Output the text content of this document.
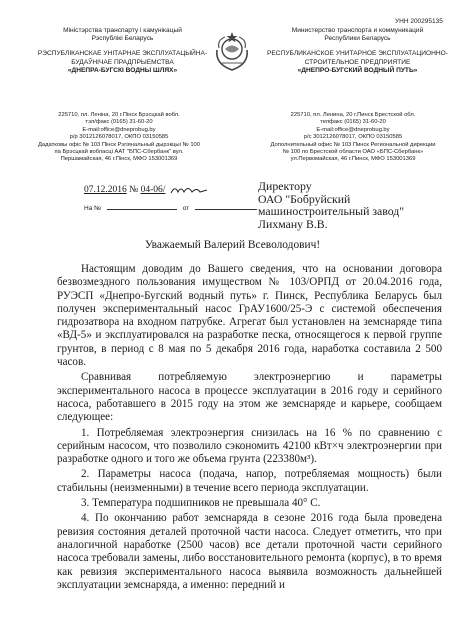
УНН 200295135
Міністэрства транспарту і камунікацый
Рэспублікі Беларусь
РЭСПУБЛІКАНСКАЕ УНІТАРНАЕ ЭКСПЛУАТАЦЫЙНА-БУДАЎНІЧАЕ ПРАДПРЫЕМСТВА
«ДНЕПРА-БУГСКІ ВОДНЫ ШЛЯХ»
Министерство транспорта и коммуникаций
Республики Беларусь
РЕСПУБЛИКАНСКОЕ УНИТАРНОЕ ЭКСПЛУАТАЦИОННО-СТРОИТЕЛЬНОЕ ПРЕДПРИЯТИЕ
«ДНЕПРО-БУГСКИЙ ВОДНЫЙ ПУТЬ»
225710, пл. Леніна, 20 г.Пінск Брэсцкай вобл.
тэл/факс (0165) 31-60-20
E-mail:office@dneprobug.by
р/р 3012126078017, ОКПО 03150585
Дадатковы офіс № 103 Пінск Рэгіянальный дырэкцыі № 100
па Брэсцкай вобласці ААТ "БПС-Сбербанк" вул.
Першамайская, 46 г.Пінск, МФО 153001369
225710, пл. Ленина, 20 г.Пинск Брестской обл.
телфакс (0165) 31-60-20
E-mail:office@dneprobug.by
р/с 3012126078017, ОКПО 03150585
Дополнительный офис № 103 Пинск Региональной дирекции
№ 100 по Брестской области ОАО «БПС-Сбербанк»
ул.Первомайская, 46 г.Пинск, МФО 153001369
07.12.2016 № 04-06/
На №	от
Директору
ОАО "Бобруйский
машиностроительный завод"
Лихману В.В.
Уважаемый Валерий Всеволодович!

Настоящим доводим до Вашего сведения, что на основании договора безвозмездного пользования имуществом № 103/ОРПД от 20.04.2016 года, РУЭСП «Днепро-Бугский водный путь» г. Пинск, Республика Беларусь был получен экспериментальный насос ГрАУ1600/25-Э с системой обеспечения гидрозатвора на входном патрубке. Агрегат был установлен на земснаряде типа «ВД-5» и эксплуатировался на разработке песка, относящегося к первой группе грунтов, в период с 8 мая по 5 декабря 2016 года, наработка составила 2 500 часов.

Сравнивая потребляемую электроэнергию и параметры экспериментального насоса в процессе эксплуатации в 2016 году и серийного насоса, работавшего в 2015 году на этом же земснаряде и карьере, сообщаем следующее:

1. Потребляемая электроэнергия снизилась на 16 % по сравнению с серийным насосом, что позволило сэкономить 42100 кВт×ч электроэнергии при разработке одного и того же объема грунта (223380м³).

2. Параметры насоса (подача, напор, потребляемая мощность) были стабильны (неизменными) в течение всего периода эксплуатации.

3. Температура подшипников не превышала 40° С.

4. По окончанию работ земснаряда в сезоне 2016 года была проведена ревизия состояния деталей проточной части насоса. Следует отметить, что при аналогичной наработке (2500 часов) все детали проточной части серийного насоса требовали замены, либо восстановительного ремонта (корпус), в то время как ревизия экспериментального насоса выявила возможность дальнейшей эксплуатации земснаряда, а именно: передний и
